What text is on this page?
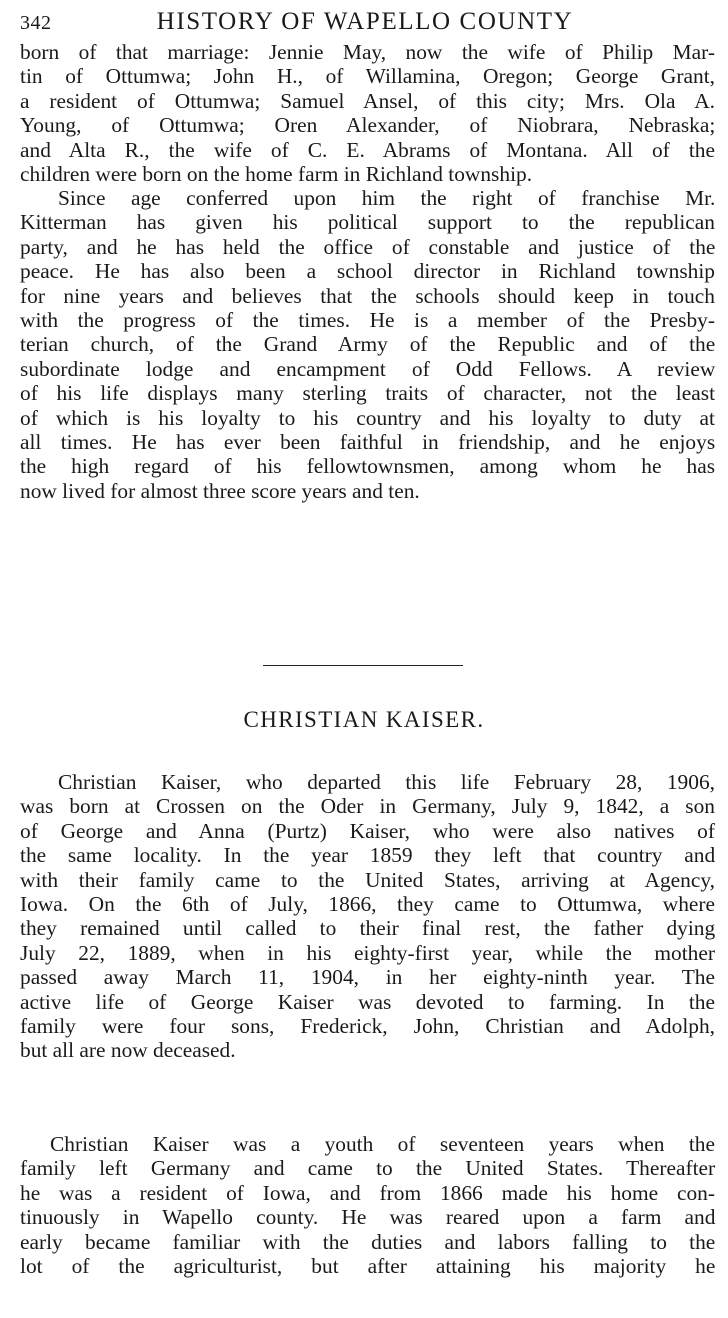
342	HISTORY OF WAPELLO COUNTY
born of that marriage: Jennie May, now the wife of Philip Mar-
tin of Ottumwa; John H., of Willamina, Oregon; George Grant,
a resident of Ottumwa; Samuel Ansel, of this city; Mrs. Ola A.
Young, of Ottumwa; Oren Alexander, of Niobrara, Nebraska;
and Alta R., the wife of C. E. Abrams of Montana. All of the
children were born on the home farm in Richland township.
Since age conferred upon him the right of franchise Mr.
Kitterman has given his political support to the republican
party, and he has held the office of constable and justice of the
peace. He has also been a school director in Richland township
for nine years and believes that the schools should keep in touch
with the progress of the times. He is a member of the Presby-
terian church, of the Grand Army of the Republic and of the
subordinate lodge and encampment of Odd Fellows. A review
of his life displays many sterling traits of character, not the least
of which is his loyalty to his country and his loyalty to duty at
all times. He has ever been faithful in friendship, and he enjoys
the high regard of his fellowtownsmen, among whom he has
now lived for almost three score years and ten.
CHRISTIAN KAISER.
Christian Kaiser, who departed this life February 28, 1906,
was born at Crossen on the Oder in Germany, July 9, 1842, a son
of George and Anna (Purtz) Kaiser, who were also natives of
the same locality. In the year 1859 they left that country and
with their family came to the United States, arriving at Agency,
Iowa. On the 6th of July, 1866, they came to Ottumwa, where
they remained until called to their final rest, the father dying
July 22, 1889, when in his eighty-first year, while the mother
passed away March 11, 1904, in her eighty-ninth year. The
active life of George Kaiser was devoted to farming. In the
family were four sons, Frederick, John, Christian and Adolph,
but all are now deceased.
Christian Kaiser was a youth of seventeen years when the
family left Germany and came to the United States. Thereafter
he was a resident of Iowa, and from 1866 made his home con-
tinuously in Wapello county. He was reared upon a farm and
early became familiar with the duties and labors falling to the
lot of the agriculturist, but after attaining his majority he
